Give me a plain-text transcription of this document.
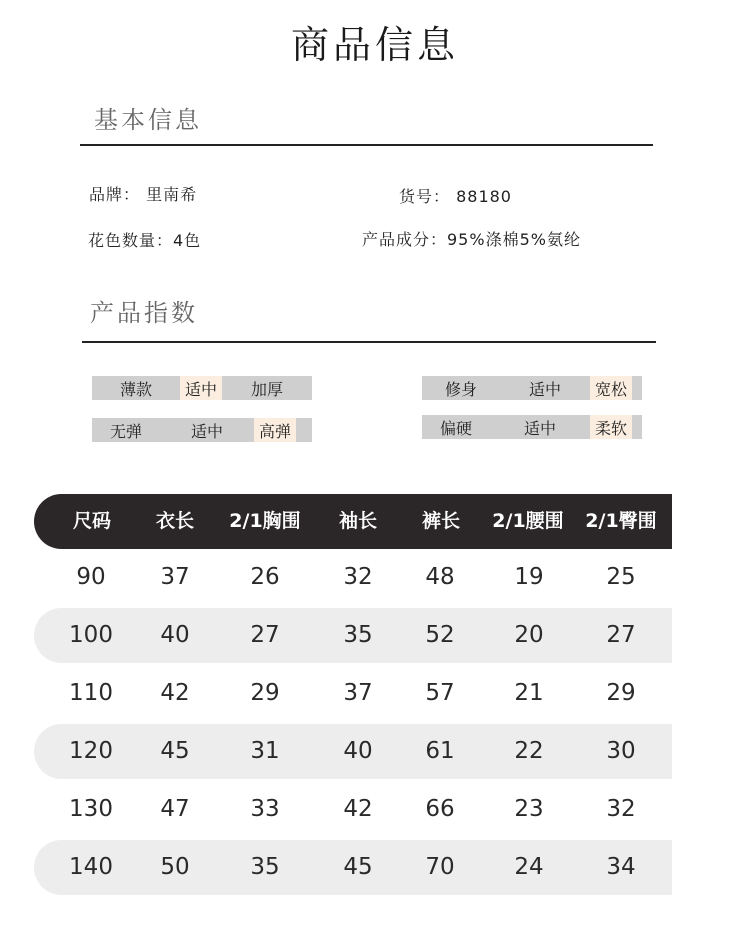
商品信息
基本信息
品牌： 里南希	货号： 88180
花色数量：4色	产品成分：95%涤棉5%氨纶
产品指数
薄款	适中	加厚	修身	适中	宽松
无弹	适中	高弹	偏硬	适中	柔软
尺码	衣长	2/1胸围	袖长	裤长	2/1腰围	2/1臀围
90	37	26	32	48	19	25
100	40	27	35	52	20	27
110	42	29	37	57	21	29
120	45	31	40	61	22	30
130	47	33	42	66	23	32
140	50	35	45	70	24	34
